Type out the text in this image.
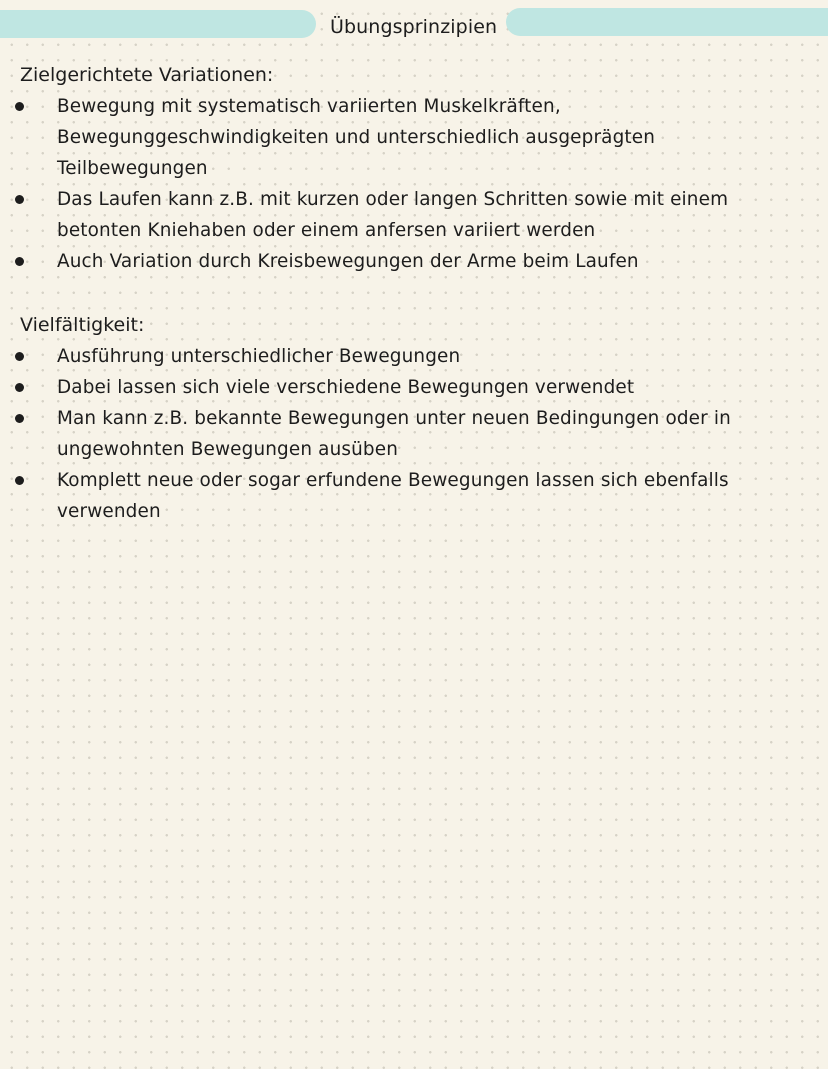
Übungsprinzipien
Zielgerichtete Variationen:
Bewegung mit systematisch variierten Muskelkräften, Bewegunggeschwindigkeiten und unterschiedlich ausgeprägten Teilbewegungen
Das Laufen kann z.B. mit kurzen oder langen Schritten sowie mit einem betonten Kniehaben oder einem anfersen variiert werden
Auch Variation durch Kreisbewegungen der Arme beim Laufen
Vielfältigkeit:
Ausführung unterschiedlicher Bewegungen
Dabei lassen sich viele verschiedene Bewegungen verwendet
Man kann z.B. bekannte Bewegungen unter neuen Bedingungen oder in ungewohnten Bewegungen ausüben
Komplett neue oder sogar erfundene Bewegungen lassen sich ebenfalls verwenden
